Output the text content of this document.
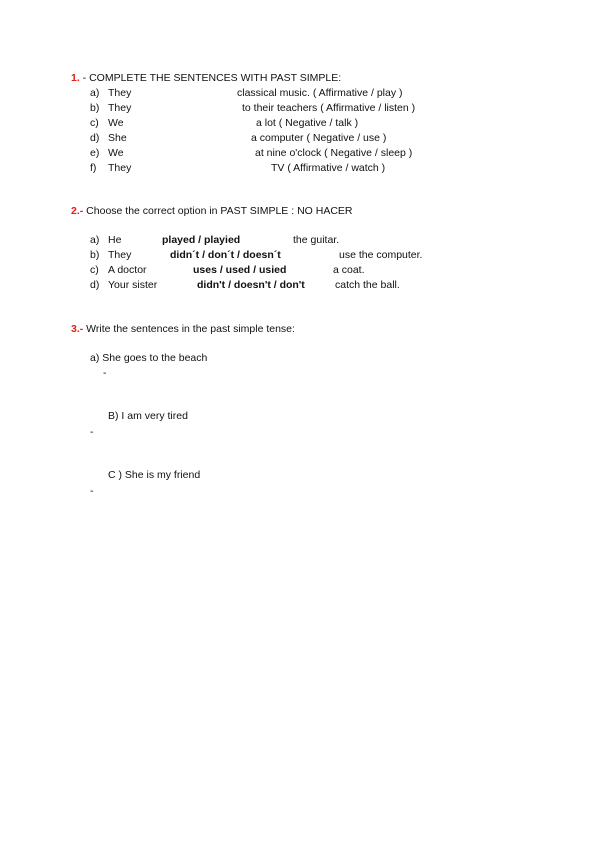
1. - COMPLETE THE SENTENCES WITH PAST SIMPLE:
a) They	classical music. ( Affirmative / play )
b) They	to their teachers ( Affirmative / listen )
c) We	a lot ( Negative / talk )
d) She	a computer ( Negative / use )
e) We	at nine o'clock ( Negative / sleep )
f) They	TV ( Affirmative / watch )
2.- Choose the correct option in PAST SIMPLE : NO HACER
a) He	played / playied	the guitar.
b) They	didn´t / don´t / doesn´t	use the computer.
c) A doctor	uses / used / usied	a coat.
d) Your sister	didn't / doesn't / don't	catch the ball.
3.- Write the sentences in the past simple tense:
a) She goes to the beach
-
B) I am very tired
-
C ) She is my friend
-
